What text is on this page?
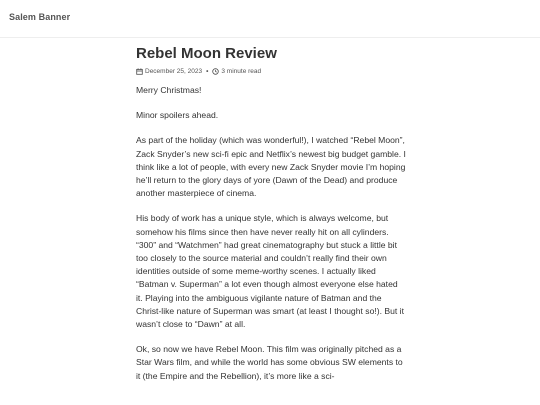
Salem Banner
Rebel Moon Review
December 25, 2023 • 3 minute read

Merry Christmas!

Minor spoilers ahead.

As part of the holiday (which was wonderful!), I watched “Rebel Moon”, Zack Snyder’s new sci-fi epic and Netflix’s newest big budget gamble. I think like a lot of people, with every new Zack Snyder movie I’m hoping he’ll return to the glory days of yore (Dawn of the Dead) and produce another masterpiece of cinema.

His body of work has a unique style, which is always welcome, but somehow his films since then have never really hit on all cylinders. “300” and “Watchmen” had great cinematography but stuck a little bit too closely to the source material and couldn’t really find their own identities outside of some meme-worthy scenes. I actually liked “Batman v. Superman” a lot even though almost everyone else hated it. Playing into the ambiguous vigilante nature of Batman and the Christ-like nature of Superman was smart (at least I thought so!). But it wasn’t close to “Dawn” at all.

Ok, so now we have Rebel Moon. This film was originally pitched as a Star Wars film, and while the world has some obvious SW elements to it (the Empire and the Rebellion), it’s more like a sci-
